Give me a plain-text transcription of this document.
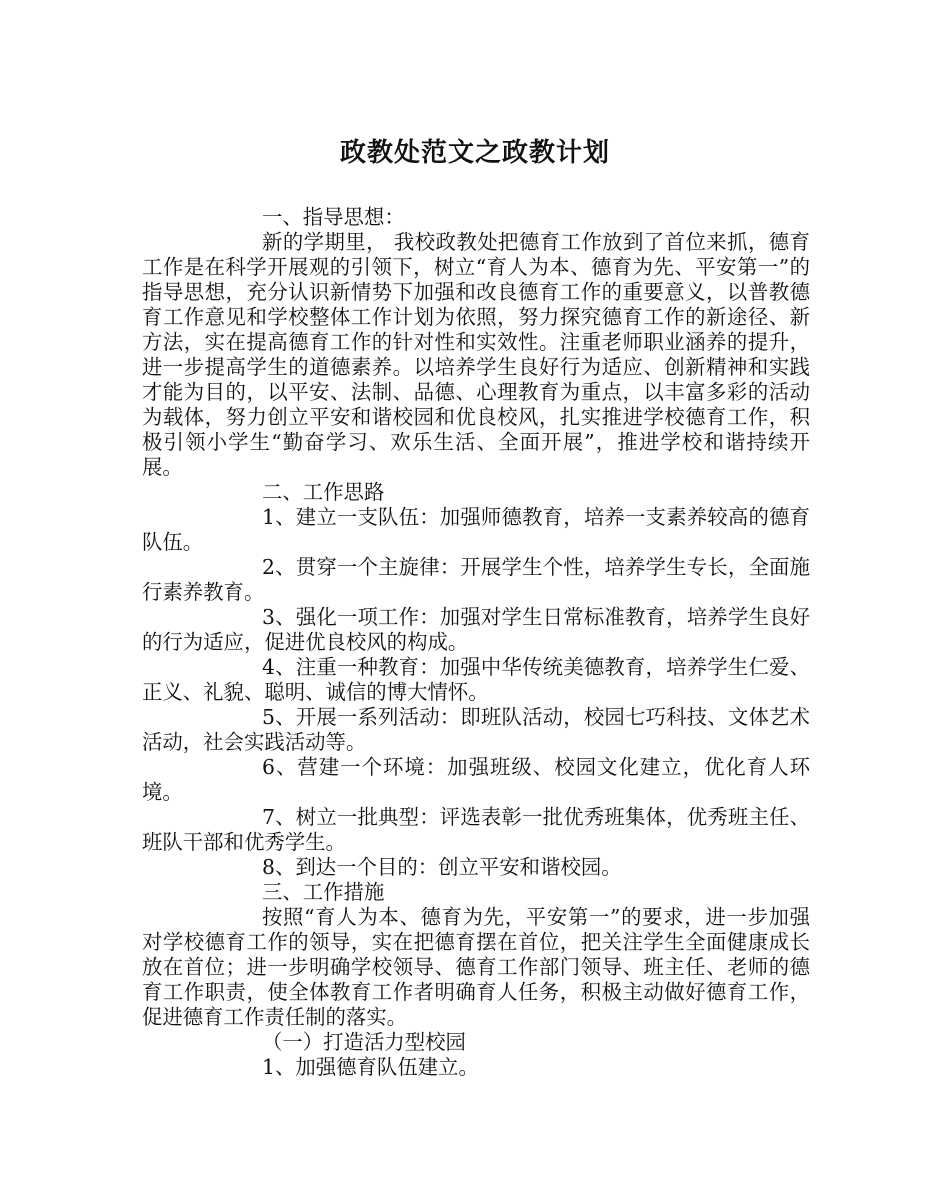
政教处范文之政教计划

一、指导思想：

新的学期里， 我校政教处把德育工作放到了首位来抓，德育工作是在科学开展观的引领下，树立“育人为本、德育为先、平安第一”的指导思想，充分认识新情势下加强和改良德育工作的重要意义，以普教德育工作意见和学校整体工作计划为依照，努力探究德育工作的新途径、新方法，实在提高德育工作的针对性和实效性。注重老师职业涵养的提升，进一步提高学生的道德素养。以培养学生良好行为适应、创新精神和实践才能为目的，以平安、法制、品德、心理教育为重点，以丰富多彩的活动为载体，努力创立平安和谐校园和优良校风，扎实推进学校德育工作，积极引领小学生“勤奋学习、欢乐生活、全面开展”，推进学校和谐持续开展。

二、工作思路

1、建立一支队伍：加强师德教育，培养一支素养较高的德育队伍。

2、贯穿一个主旋律：开展学生个性，培养学生专长，全面施行素养教育。

3、强化一项工作：加强对学生日常标准教育，培养学生良好的行为适应，促进优良校风的构成。

4、注重一种教育：加强中华传统美德教育，培养学生仁爱、正义、礼貌、聪明、诚信的博大情怀。

5、开展一系列活动：即班队活动，校园七巧科技、文体艺术活动，社会实践活动等。

6、营建一个环境：加强班级、校园文化建立，优化育人环境。

7、树立一批典型：评选表彰一批优秀班集体，优秀班主任、班队干部和优秀学生。

8、到达一个目的：创立平安和谐校园。

三、工作措施

按照“育人为本、德育为先，平安第一”的要求，进一步加强对学校德育工作的领导，实在把德育摆在首位，把关注学生全面健康成长放在首位；进一步明确学校领导、德育工作部门领导、班主任、老师的德育工作职责，使全体教育工作者明确育人任务，积极主动做好德育工作，促进德育工作责任制的落实。

（一）打造活力型校园

1、加强德育队伍建立。
